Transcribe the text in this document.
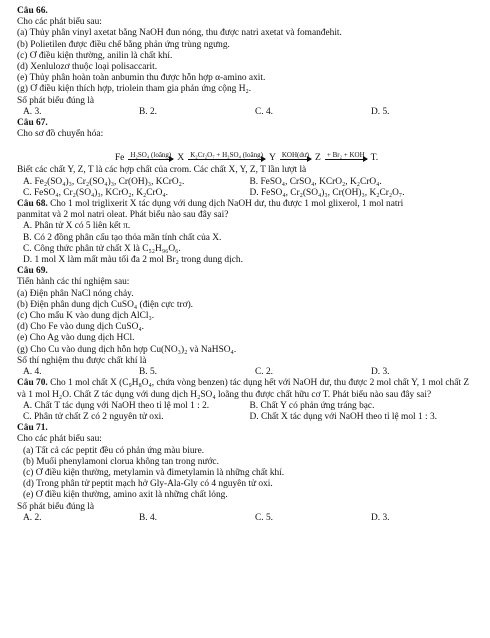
Câu 66.
Cho các phát biểu sau:
(a) Thủy phân vinyl axetat bằng NaOH đun nóng, thu được natri axetat và fomanđehit.
(b) Polietilen được điều chế bằng phản ứng trùng ngưng.
(c) Ở điều kiện thường, anilin là chất khí.
(d) Xenlulozơ thuộc loại polisaccarit.
(e) Thủy phân hoàn toàn anbumin thu được hỗn hợp α-amino axit.
(g) Ở điều kiện thích hợp, triolein tham gia phản ứng cộng H₂.
Số phát biểu đúng là
A. 3.	B. 2.	C. 4.	D. 5.
Câu 67.
Cho sơ đồ chuyển hóa:
Fe H₂SO₄ (loãng) X K₂Cr₂O₇ + H₂SO₄ (loãng) Y KOH(dư) Z + Br₂ + KOH T.
Biết các chất Y, Z, T là các hợp chất của crom. Các chất X, Y, Z, T lần lượt là
A. Fe₂(SO₄)₃, Cr₂(SO₄)₃, Cr(OH)₃, KCrO₂.	B. FeSO₄, CrSO₄, KCrO₂, K₂CrO₄.
C. FeSO₄, Cr₂(SO₄)₃, KCrO₂, K₂CrO₄.	D. FeSO₄, Cr₂(SO₄)₃, Cr(OH)₃, K₂Cr₂O₇.
Câu 68. Cho 1 mol triglixerit X tác dụng với dung dịch NaOH dư, thu được 1 mol glixerol, 1 mol natri
panmitat và 2 mol natri oleat. Phát biểu nào sau đây sai?
A. Phân tử X có 5 liên kết π.
B. Có 2 đồng phân cấu tạo thỏa mãn tính chất của X.
C. Công thức phân tử chất X là C₅₂H₉₆O₆.
D. 1 mol X làm mất màu tối đa 2 mol Br₂ trong dung dịch.
Câu 69.
Tiến hành các thí nghiệm sau:
(a) Điện phân NaCl nóng chảy.
(b) Điện phân dung dịch CuSO₄ (điện cực trơ).
(c) Cho mẩu K vào dung dịch AlCl₃.
(d) Cho Fe vào dung dịch CuSO₄.
(e) Cho Ag vào dung dịch HCl.
(g) Cho Cu vào dung dịch hỗn hợp Cu(NO₃)₂ và NaHSO₄.
Số thí nghiệm thu được chất khí là
A. 4.	B. 5.	C. 2.	D. 3.
Câu 70. Cho 1 mol chất X (C₉H₈O₄, chứa vòng benzen) tác dụng hết với NaOH dư, thu được 2 mol chất Y, 1 mol chất Z và 1 mol H₂O. Chất Z tác dụng với dung dịch H₂SO₄ loãng thu được chất hữu cơ T. Phát biểu nào sau đây sai?
A. Chất T tác dụng với NaOH theo tỉ lệ mol 1 : 2.	B. Chất Y có phản ứng tráng bạc.
C. Phân tử chất Z có 2 nguyên tử oxi.	D. Chất X tác dụng với NaOH theo tỉ lệ mol 1 : 3.
Câu 71.
Cho các phát biểu sau:
(a) Tất cả các peptit đều có phản ứng màu biure.
(b) Muối phenylamoni clorua không tan trong nước.
(c) Ở điều kiện thường, metylamin và đimetylamin là những chất khí.
(d) Trong phân tử peptit mạch hở Gly-Ala-Gly có 4 nguyên tử oxi.
(e) Ở điều kiện thường, amino axit là những chất lỏng.
Số phát biểu đúng là
A. 2.	B. 4.	C. 5.	D. 3.
